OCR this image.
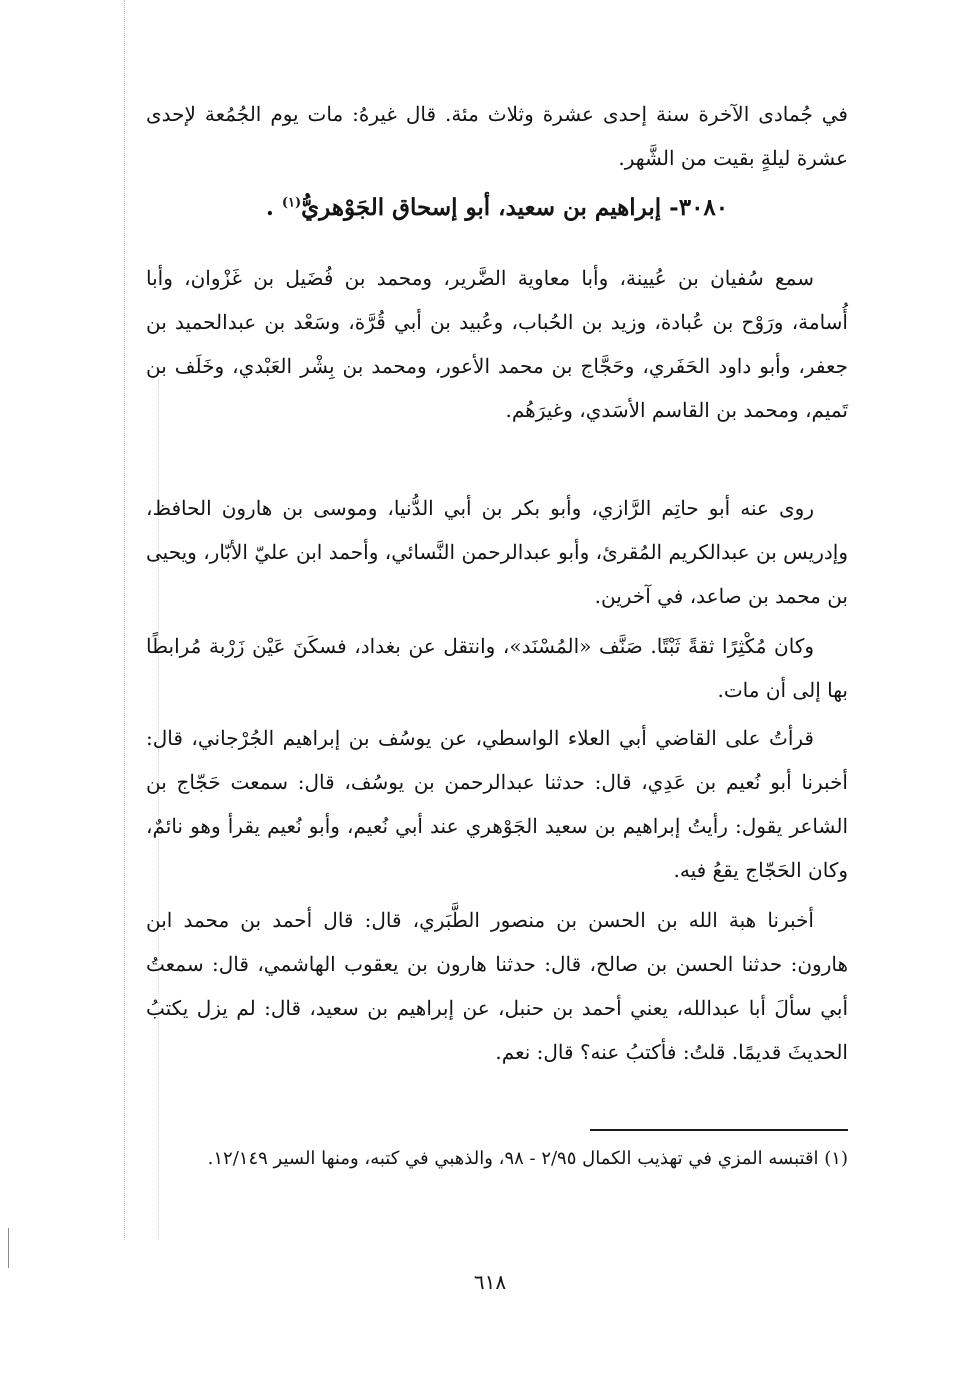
في جُمادى الآخرة سنة إحدى عشرة وثلاث مئة. قال غيرهُ: مات يوم الجُمُعة لإحدى عشرة ليلةٍ بقيت من الشَّهر.

٣٠٨٠- إبراهيم بن سعيد، أبو إسحاق الجَوْهريُّ$^{(١)}$ .

سمع سُفيان بن عُيينة، وأبا معاوية الضَّرير، ومحمد بن فُضَيل بن غَزْوان، وأبا أُسامة، ورَوْح بن عُبادة، وزيد بن الحُباب، وعُبيد بن أبي قُرَّة، وسَعْد بن عبدالحميد بن جعفر، وأبو داود الحَفَري، وحَجَّاج بن محمد الأعور، ومحمد بن بِشْر العَبْدي، وخَلَف بن تَميم، ومحمد بن القاسم الأسَدي، وغيرَهُم.

روى عنه أبو حاتِم الرَّازي، وأبو بكر بن أبي الدُّنيا، وموسى بن هارون الحافظ، وإدريس بن عبدالكريم المُقرئ، وأبو عبدالرحمن النَّسائي، وأحمد ابن عليّ الأبّار، ويحيى بن محمد بن صاعد، في آخرين.

وكان مُكْثِرًا ثقةً ثَبْتًا. صَنَّف «المُسْنَد»، وانتقل عن بغداد، فسكَنَ عَيْن زَرْبة مُرابطًا بها إلى أن مات.

قرأتُ على القاضي أبي العلاء الواسطي، عن يوسُف بن إبراهيم الجُرْجاني، قال: أخبرنا أبو نُعيم بن عَدِي، قال: حدثنا عبدالرحمن بن يوسُف، قال: سمعت حَجّاج بن الشاعر يقول: رأيتُ إبراهيم بن سعيد الجَوْهري عند أبي نُعيم، وأبو نُعيم يقرأ وهو نائمٌ، وكان الحَجّاج يقعُ فيه.

أخبرنا هبة الله بن الحسن بن منصور الطَّبَري، قال: قال أحمد بن محمد ابن هارون: حدثنا الحسن بن صالح، قال: حدثنا هارون بن يعقوب الهاشمي، قال: سمعتُ أبي سألَ أبا عبدالله، يعني أحمد بن حنبل، عن إبراهيم بن سعيد، قال: لم يزل يكتبُ الحديثَ قديمًا. قلتُ: فأكتبُ عنه؟ قال: نعم.

(١) اقتبسه المزي في تهذيب الكمال ٢/٩٥ - ٩٨، والذهبي في كتبه، ومنها السير ١٢/١٤٩.

٦١٨
